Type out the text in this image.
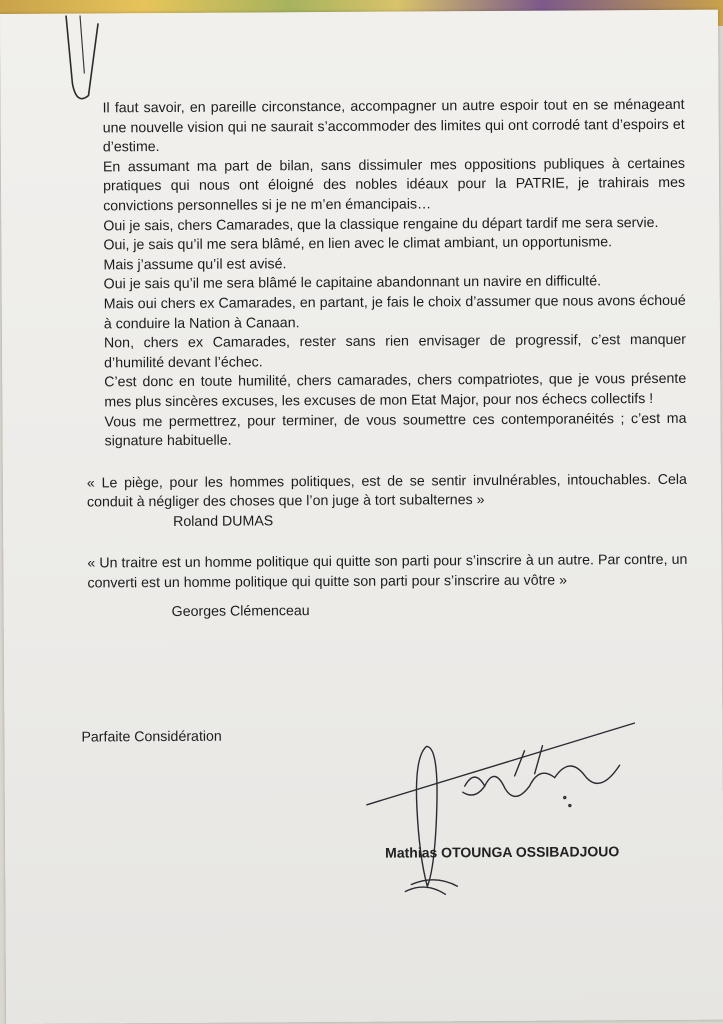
Il faut savoir, en pareille circonstance, accompagner un autre espoir tout en se ménageant une nouvelle vision qui ne saurait s’accommoder des limites qui ont corrodé tant d’espoirs et d’estime.

En assumant ma part de bilan, sans dissimuler mes oppositions publiques à certaines pratiques qui nous ont éloigné des nobles idéaux pour la PATRIE, je trahirais mes convictions personnelles si je ne m’en émancipais…

Oui je sais, chers Camarades, que la classique rengaine du départ tardif me sera servie.

Oui, je sais qu’il me sera blâmé, en lien avec le climat ambiant, un opportunisme.

Mais j’assume qu’il est avisé.

Oui je sais qu’il me sera blâmé le capitaine abandonnant un navire en difficulté.

Mais oui chers ex Camarades, en partant, je fais le choix d’assumer que nous avons échoué à conduire la Nation à Canaan.

Non, chers ex Camarades, rester sans rien envisager de progressif, c’est manquer d’humilité devant l’échec.

C’est donc en toute humilité, chers camarades, chers compatriotes, que je vous présente mes plus sincères excuses, les excuses de mon Etat Major, pour nos échecs collectifs !

Vous me permettrez, pour terminer, de vous soumettre ces contemporanéités ; c’est ma signature habituelle.

« Le piège, pour les hommes politiques, est de se sentir invulnérables, intouchables. Cela conduit à négliger des choses que l’on juge à tort subalternes »

Roland DUMAS

« Un traitre est un homme politique qui quitte son parti pour s’inscrire à un autre. Par contre, un converti est un homme politique qui quitte son parti pour s’inscrire au vôtre »

Georges Clémenceau

Parfaite Considération
Mathias OTOUNGA OSSIBADJOUO
